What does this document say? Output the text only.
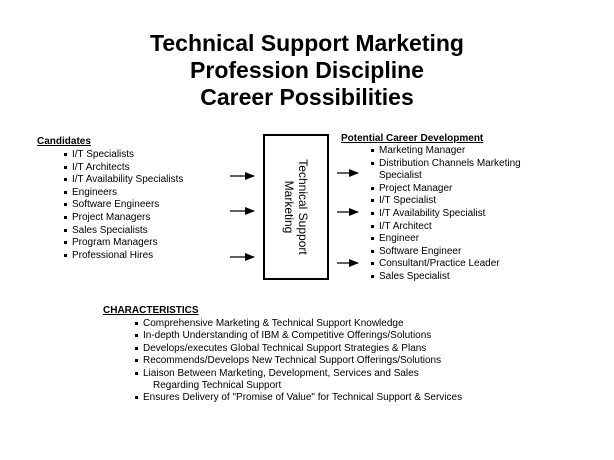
Technical Support Marketing
Profession Discipline
Career Possibilities
Candidates
I/T Specialists
I/T Architects
I/T Availability Specialists
Engineers
Software Engineers
Project Managers
Sales Specialists
Program Managers
Professional Hires
Technical Support
Marketing
Potential Career Development
Marketing Manager
Distribution Channels Marketing
Specialist
Project Manager
I/T Specialist
I/T Availability Specialist
I/T Architect
Engineer
Software Engineer
Consultant/Practice Leader
Sales Specialist
CHARACTERISTICS
Comprehensive Marketing & Technical Support Knowledge
In-depth Understanding of IBM & Competitive Offerings/Solutions
Develops/executes Global Technical Support Strategies & Plans
Recommends/Develops New Technical Support Offerings/Solutions
Liaison Between Marketing, Development, Services and Sales
Regarding Technical Support
Ensures Delivery of "Promise of Value" for Technical Support & Services
